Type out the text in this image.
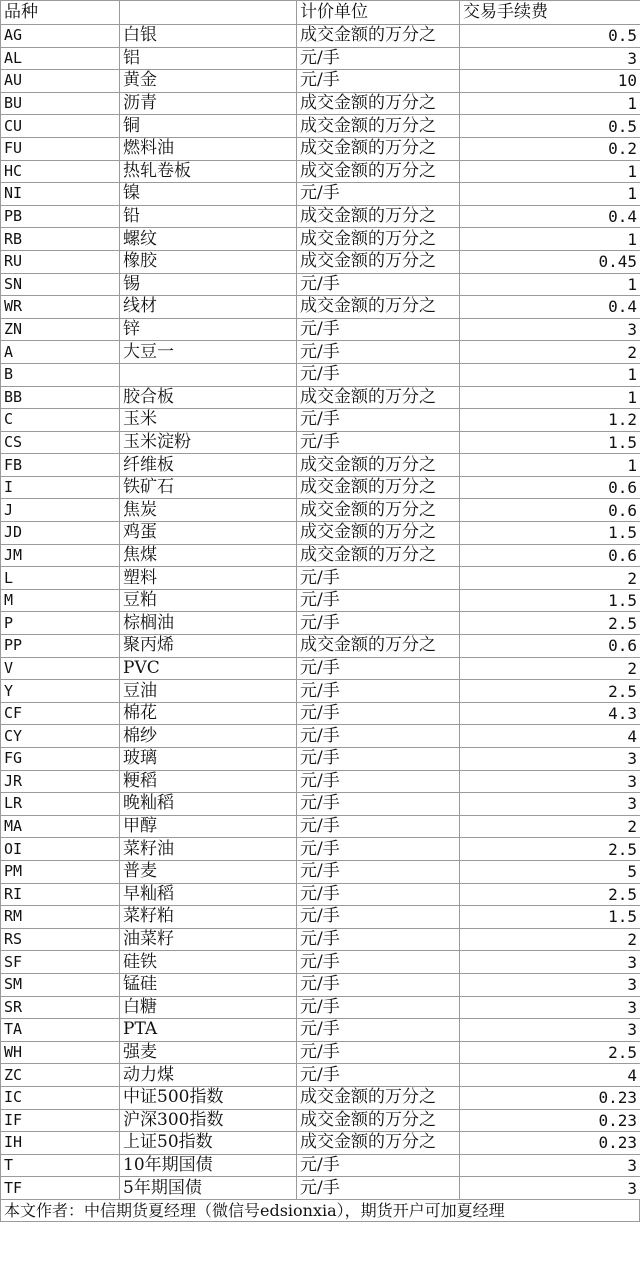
品种		计价单位	交易手续费
AG	白银	成交金额的万分之	0.5
AL	铝	元/手	3
AU	黄金	元/手	10
BU	沥青	成交金额的万分之	1
CU	铜	成交金额的万分之	0.5
FU	燃料油	成交金额的万分之	0.2
HC	热轧卷板	成交金额的万分之	1
NI	镍	元/手	1
PB	铅	成交金额的万分之	0.4
RB	螺纹	成交金额的万分之	1
RU	橡胶	成交金额的万分之	0.45
SN	锡	元/手	1
WR	线材	成交金额的万分之	0.4
ZN	锌	元/手	3
A	大豆一	元/手	2
B		元/手	1
BB	胶合板	成交金额的万分之	1
C	玉米	元/手	1.2
CS	玉米淀粉	元/手	1.5
FB	纤维板	成交金额的万分之	1
I	铁矿石	成交金额的万分之	0.6
J	焦炭	成交金额的万分之	0.6
JD	鸡蛋	成交金额的万分之	1.5
JM	焦煤	成交金额的万分之	0.6
L	塑料	元/手	2
M	豆粕	元/手	1.5
P	棕榈油	元/手	2.5
PP	聚丙烯	成交金额的万分之	0.6
V	PVC	元/手	2
Y	豆油	元/手	2.5
CF	棉花	元/手	4.3
CY	棉纱	元/手	4
FG	玻璃	元/手	3
JR	粳稻	元/手	3
LR	晚籼稻	元/手	3
MA	甲醇	元/手	2
OI	菜籽油	元/手	2.5
PM	普麦	元/手	5
RI	早籼稻	元/手	2.5
RM	菜籽粕	元/手	1.5
RS	油菜籽	元/手	2
SF	硅铁	元/手	3
SM	锰硅	元/手	3
SR	白糖	元/手	3
TA	PTA	元/手	3
WH	强麦	元/手	2.5
ZC	动力煤	元/手	4
IC	中证500指数	成交金额的万分之	0.23
IF	沪深300指数	成交金额的万分之	0.23
IH	上证50指数	成交金额的万分之	0.23
T	10年期国债	元/手	3
TF	5年期国债	元/手	3
本文作者：中信期货夏经理（微信号edsionxia），期货开户可加夏经理
